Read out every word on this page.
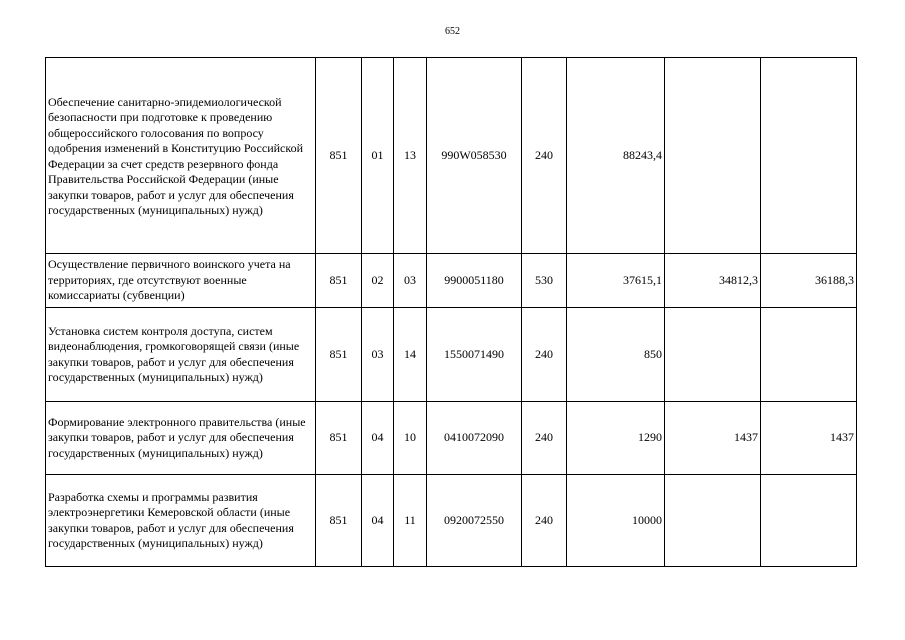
652
Обеспечение санитарно-эпидемиологической безопасности при подготовке к проведению общероссийского голосования по вопросу одобрения изменений в Конституцию Российской Федерации за счет средств резервного фонда Правительства Российской Федерации (иные закупки товаров, работ и услуг для обеспечения государственных (муниципальных) нужд)	851	01	13	990W058530	240	88243,4		
Осуществление первичного воинского учета на территориях, где отсутствуют военные комиссариаты (субвенции)	851	02	03	9900051180	530	37615,1	34812,3	36188,3
Установка систем контроля доступа, систем видеонаблюдения, громкоговорящей связи (иные закупки товаров, работ и услуг для обеспечения государственных (муниципальных) нужд)	851	03	14	1550071490	240	850		
Формирование электронного правительства (иные закупки товаров, работ и услуг для обеспечения государственных (муниципальных) нужд)	851	04	10	0410072090	240	1290	1437	1437
Разработка схемы и программы развития электроэнергетики Кемеровской области (иные закупки товаров, работ и услуг для обеспечения государственных (муниципальных) нужд)	851	04	11	0920072550	240	10000		
